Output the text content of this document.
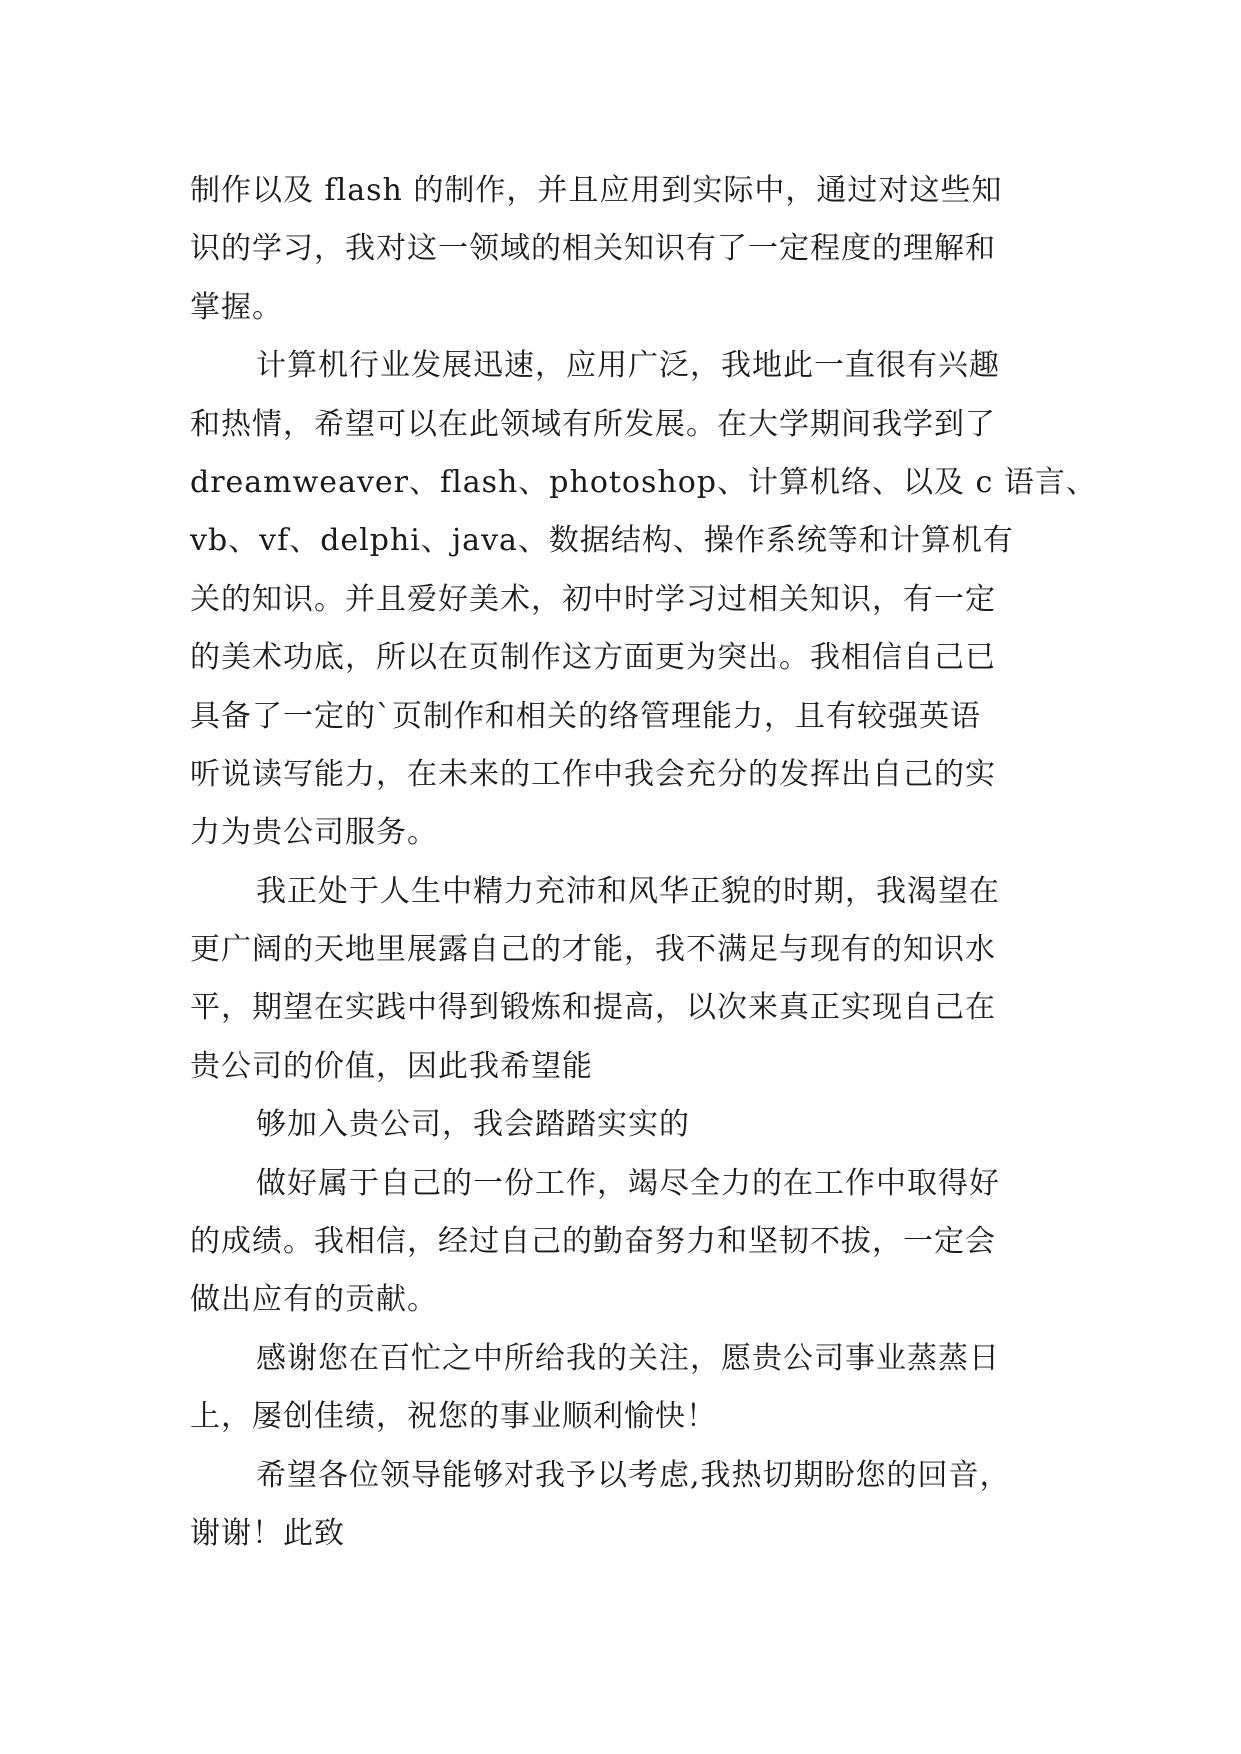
制作以及 flash 的制作，并且应用到实际中，通过对这些知
识的学习，我对这一领域的相关知识有了一定程度的理解和
掌握。

计算机行业发展迅速，应用广泛，我地此一直很有兴趣
和热情，希望可以在此领域有所发展。在大学期间我学到了
dreamweaver、flash、photoshop、计算机络、以及 c 语言、
vb、vf、delphi、java、数据结构、操作系统等和计算机有
关的知识。并且爱好美术，初中时学习过相关知识，有一定
的美术功底，所以在页制作这方面更为突出。我相信自己已
具备了一定的`页制作和相关的络管理能力，且有较强英语
听说读写能力，在未来的工作中我会充分的发挥出自己的实
力为贵公司服务。

我正处于人生中精力充沛和风华正貌的时期，我渴望在
更广阔的天地里展露自己的才能，我不满足与现有的知识水
平，期望在实践中得到锻炼和提高，以次来真正实现自己在
贵公司的价值，因此我希望能

够加入贵公司，我会踏踏实实的

做好属于自己的一份工作，竭尽全力的在工作中取得好
的成绩。我相信，经过自己的勤奋努力和坚韧不拔，一定会
做出应有的贡献。

感谢您在百忙之中所给我的关注，愿贵公司事业蒸蒸日
上，屡创佳绩，祝您的事业顺利愉快！

希望各位领导能够对我予以考虑,我热切期盼您的回音，
谢谢！此致
